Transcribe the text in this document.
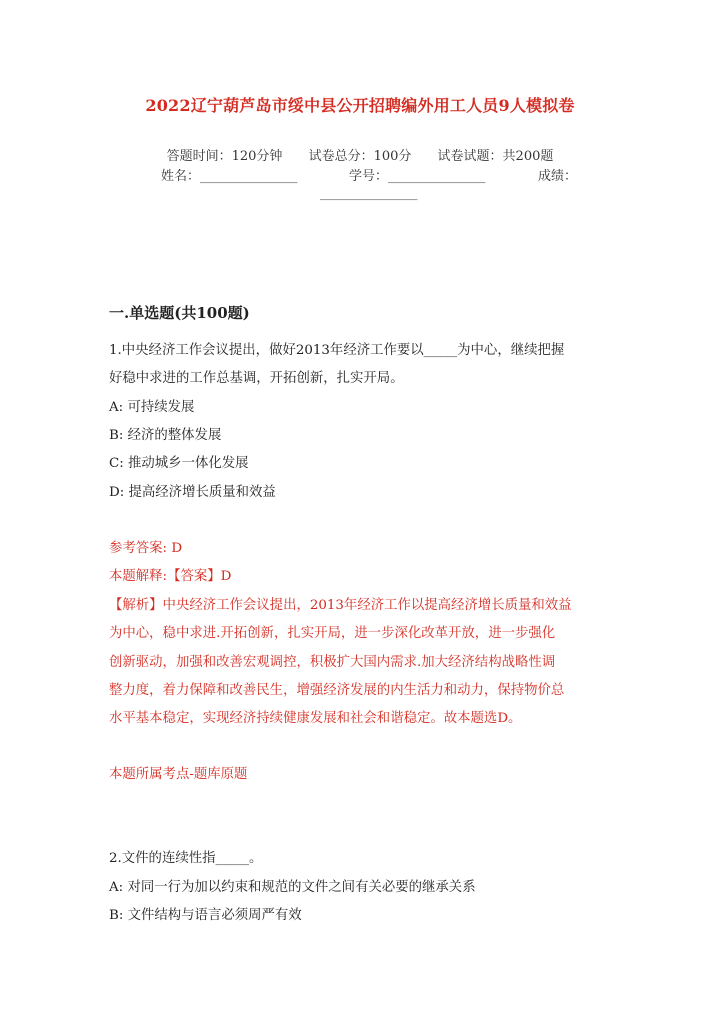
2022辽宁葫芦岛市绥中县公开招聘编外用工人员9人模拟卷
答题时间：120分钟 试卷总分：100分 试卷试题：共200题
姓名：_______________	学号：_______________	成绩：
_______________
一.单选题(共100题)
1.中央经济工作会议提出，做好2013年经济工作要以_____为中心，继续把握
好稳中求进的工作总基调，开拓创新，扎实开局。
A: 可持续发展
B: 经济的整体发展
C: 推动城乡一体化发展
D: 提高经济增长质量和效益
参考答案: D
本题解释:【答案】D
【解析】中央经济工作会议提出，2013年经济工作以提高经济增长质量和效益
为中心，稳中求进.开拓创新，扎实开局，进一步深化改革开放，进一步强化
创新驱动，加强和改善宏观调控，积极扩大国内需求.加大经济结构战略性调
整力度，着力保障和改善民生，增强经济发展的内生活力和动力，保持物价总
水平基本稳定，实现经济持续健康发展和社会和谐稳定。故本题选D。
本题所属考点-题库原题
2.文件的连续性指_____。
A: 对同一行为加以约束和规范的文件之间有关必要的继承关系
B: 文件结构与语言必须周严有效
